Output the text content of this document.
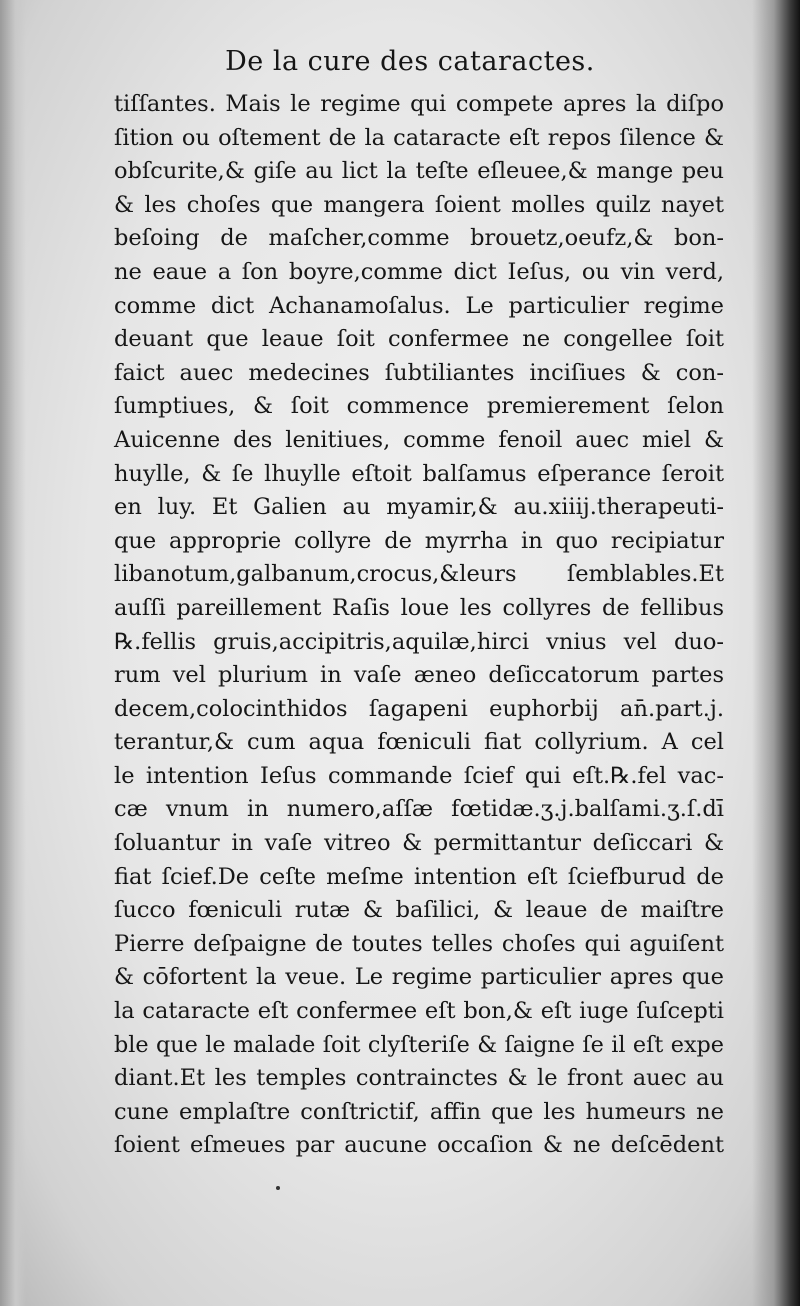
De la cure des cataractes.
tiſſantes. Mais le regime qui compete apres la diſpo
ſition ou oſtement de la cataracte eſt repos ſilence &
obſcurite,& giſe au lict la teſte eſleuee,& mange peu
& les choſes que mangera ſoient molles quilz nayet
beſoing de maſcher,comme brouetz,oeufz,& bon-
ne eaue a ſon boyre,comme dict Ieſus, ou vin verd,
comme dict Achanamoſalus. Le particulier regime
deuant que leaue ſoit confermee ne congellee ſoit
faict auec medecines ſubtiliantes inciſiues & con-
ſumptiues, & ſoit commence premierement ſelon
Auicenne des lenitiues, comme fenoil auec miel &
huylle, & ſe lhuylle eſtoit balſamus eſperance ſeroit
en luy. Et Galien au myamir,& au.xiiij.therapeuti-
que approprie collyre de myrrha in quo recipiatur
libanotum,galbanum,crocus,&leurs ſemblables.Et
auſſi pareillement Raſis loue les collyres de fellibus
℞.fellis gruis,accipitris,aquilæ,hirci vnius vel duo-
rum vel plurium in vaſe æneo deſiccatorum partes
decem,colocinthidos ſagapeni euphorbij an̄.part.j.
terantur,& cum aqua fœniculi fiat collyrium. A cel
le intention Ieſus commande ſcief qui eſt.℞.fel vac-
cæ vnum in numero,aſſæ fœtidæ.ʒ.j.balſami.ʒ.ſ.dī
ſoluantur in vaſe vitreo & permittantur deſiccari &
fiat ſcief.De ceſte meſme intention eſt ſciefburud de
ſucco fœniculi rutæ & baſilici, & leaue de maiſtre
Pierre deſpaigne de toutes telles choſes qui aguiſent
& cōfortent la veue. Le regime particulier apres que
la cataracte eſt confermee eſt bon,& eſt iuge ſuſcepti
ble que le malade ſoit clyſteriſe & ſaigne ſe il eſt expe
diant.Et les temples contrainctes & le front auec au
cune emplaſtre conſtrictif, affin que les humeurs ne
ſoient eſmeues par aucune occaſion & ne deſcēdent
